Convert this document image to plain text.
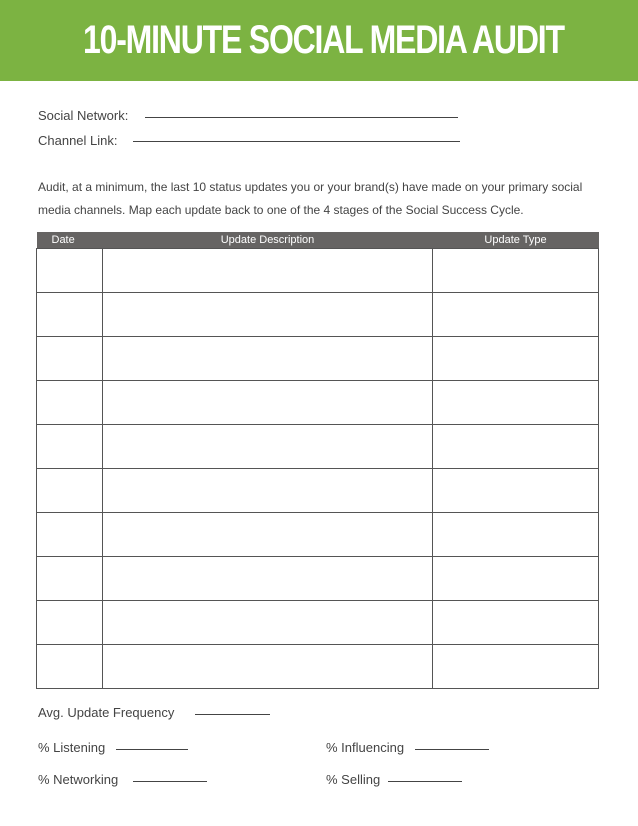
10-MINUTE SOCIAL MEDIA AUDIT
Social Network:
Channel Link:

Audit, at a minimum, the last 10 status updates you or your brand(s) have made on your primary social media channels. Map each update back to one of the 4 stages of the Social Success Cycle.

Date	Update Description	Update Type

Avg. Update Frequency
% Listening	% Influencing
% Networking	% Selling
